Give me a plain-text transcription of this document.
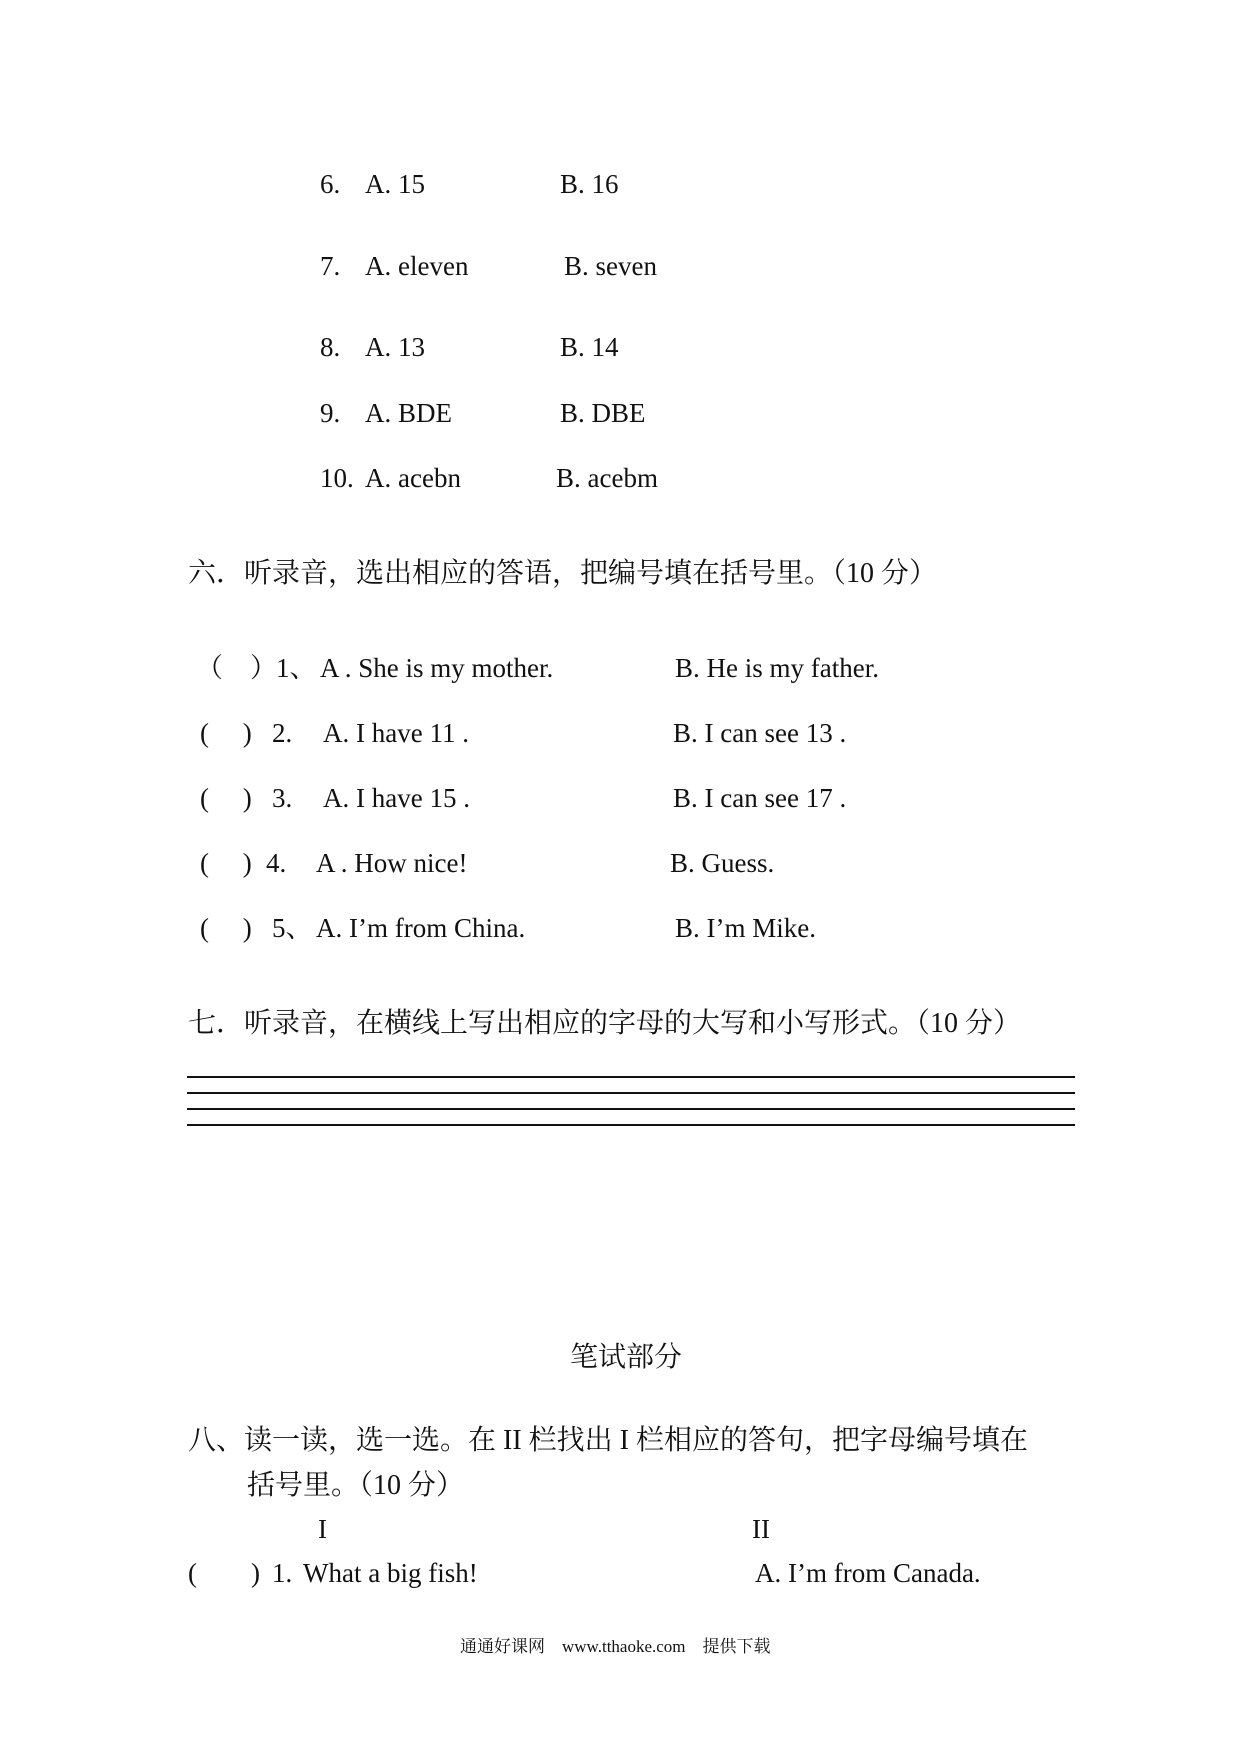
6. A. 15	B. 16
7. A. eleven	B. seven
8. A. 13	B. 14
9. A. BDE	B. DBE
10. A. acebn	B. acebm
六．听录音，选出相应的答语，把编号填在括号里。（10 分）
（　） 1、 A . She is my mother.	B. He is my father.
(　 ) 2. A. I have 11 .	B. I can see 13 .
(　 ) 3. A. I have 15 .	B. I can see 17 .
(　 ) 4. A . How nice!	B. Guess.
(　 ) 5、 A. I’m from China.	B. I’m Mike.
七．听录音，在横线上写出相应的字母的大写和小写形式。（10 分）
笔试部分
八、读一读，选一选。在 II 栏找出 I 栏相应的答句，把字母编号填在
括号里。（10 分）
I	II
(　　) 1. What a big fish!	A. I’m from Canada.
通通好课网　www.tthaoke.com　提供下载
